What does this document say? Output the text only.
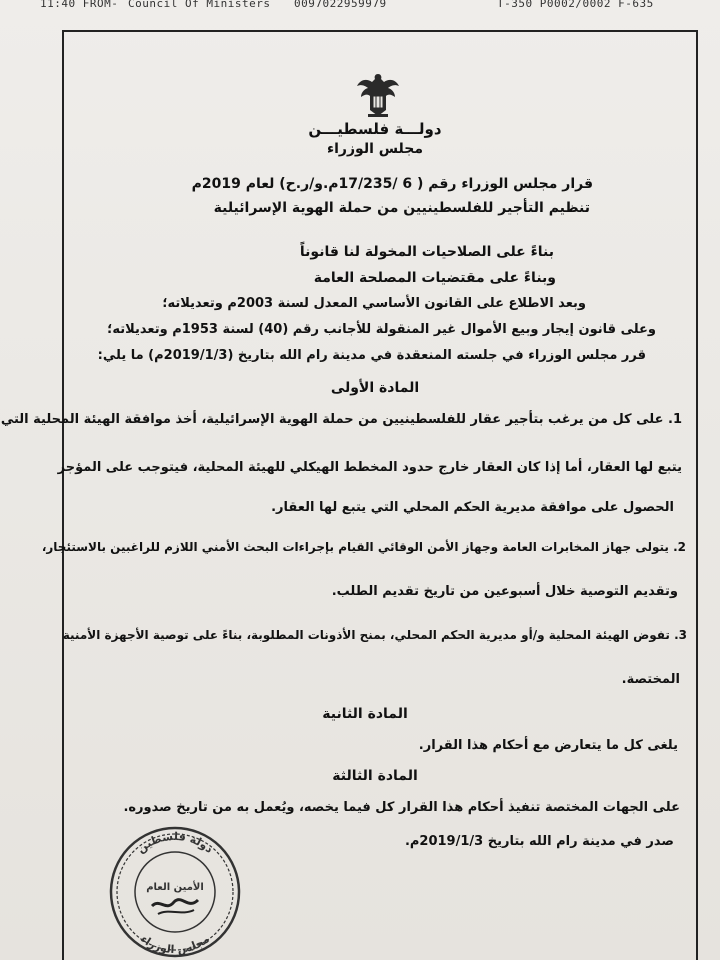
11:40 FROM- Council Of Ministers 0097022959979	T-350 P0002/0002 F-635
دولـــة فلسطيـــن
مجلس الوزراء
قرار مجلس الوزراء رقم ( 6 /17/235م.و/ر.ح) لعام 2019م
تنظيم التأجير للفلسطينيين من حملة الهوية الإسرائيلية
بناءً على الصلاحيات المخولة لنا قانوناً
وبناءً على مقتضيات المصلحة العامة
وبعد الاطلاع على القانون الأساسي المعدل لسنة 2003م وتعديلاته؛
وعلى قانون إيجار وبيع الأموال غير المنقولة للأجانب رقم (40) لسنة 1953م وتعديلاته؛
قرر مجلس الوزراء في جلسته المنعقدة في مدينة رام الله بتاريخ (2019/1/3م) ما يلي:
المادة الأولى
1. على كل من يرغب بتأجير عقار للفلسطينيين من حملة الهوية الإسرائيلية، أخذ موافقة الهيئة المحلية التي
يتبع لها العقار، أما إذا كان العقار خارج حدود المخطط الهيكلي للهيئة المحلية، فيتوجب على المؤجر
الحصول على موافقة مديرية الحكم المحلي التي يتبع لها العقار.
2. يتولى جهاز المخابرات العامة وجهاز الأمن الوقائي القيام بإجراءات البحث الأمني اللازم للراغبين بالاستئجار،
وتقديم التوصية خلال أسبوعين من تاريخ تقديم الطلب.
3. تفوض الهيئة المحلية و/أو مديرية الحكم المحلي، بمنح الأذونات المطلوبة، بناءً على توصية الأجهزة الأمنية
المختصة.
المادة الثانية
يلغى كل ما يتعارض مع أحكام هذا القرار.
المادة الثالثة
على الجهات المختصة تنفيذ أحكام هذا القرار كل فيما يخصه، ويُعمل به من تاريخ صدوره.
صدر في مدينة رام الله بتاريخ 2019/1/3م.
دولة فلسطين
الأمين العام
مجلس الوزراء
